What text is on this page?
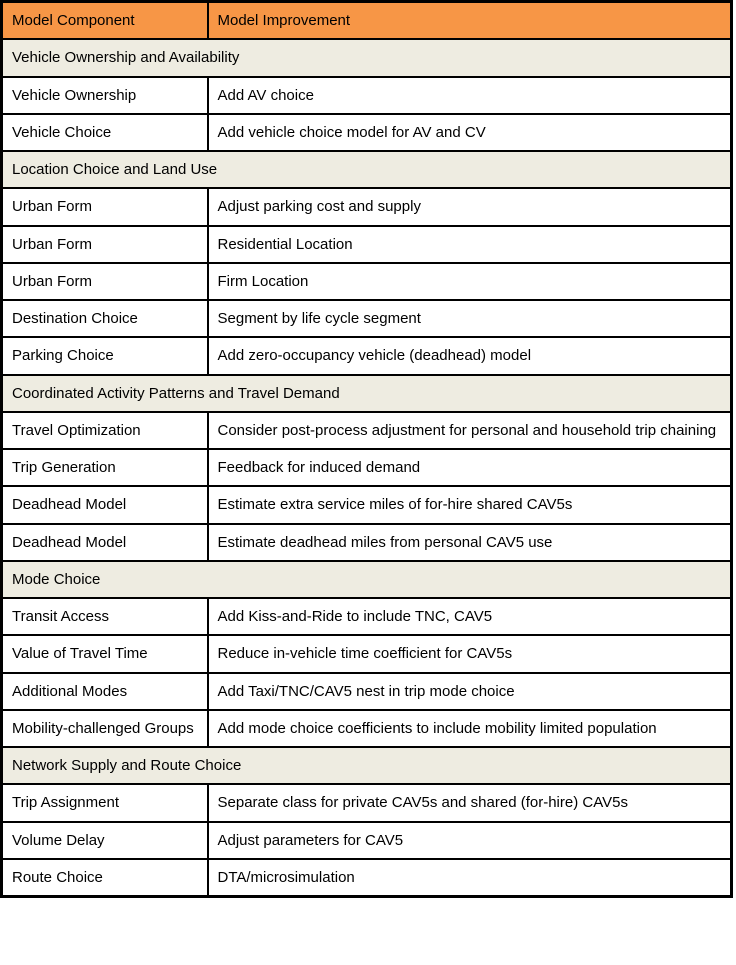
Model Component	Model Improvement
Vehicle Ownership and Availability	
Vehicle Ownership	Add AV choice
Vehicle Choice	Add vehicle choice model for AV and CV
Location Choice and Land Use	
Urban Form	Adjust parking cost and supply
Urban Form	Residential Location
Urban Form	Firm Location
Destination Choice	Segment by life cycle segment
Parking Choice	Add zero-occupancy vehicle (deadhead) model
Coordinated Activity Patterns and Travel Demand	
Travel Optimization	Consider post-process adjustment for personal and household trip chaining
Trip Generation	Feedback for induced demand
Deadhead Model	Estimate extra service miles of for-hire shared CAV5s
Deadhead Model	Estimate deadhead miles from personal CAV5 use
Mode Choice	
Transit Access	Add Kiss-and-Ride to include TNC, CAV5
Value of Travel Time	Reduce in-vehicle time coefficient for CAV5s
Additional Modes	Add Taxi/TNC/CAV5 nest in trip mode choice
Mobility-challenged Groups	Add mode choice coefficients to include mobility limited population
Network Supply and Route Choice	
Trip Assignment	Separate class for private CAV5s and shared (for-hire) CAV5s
Volume Delay	Adjust parameters for CAV5
Route Choice	DTA/microsimulation
